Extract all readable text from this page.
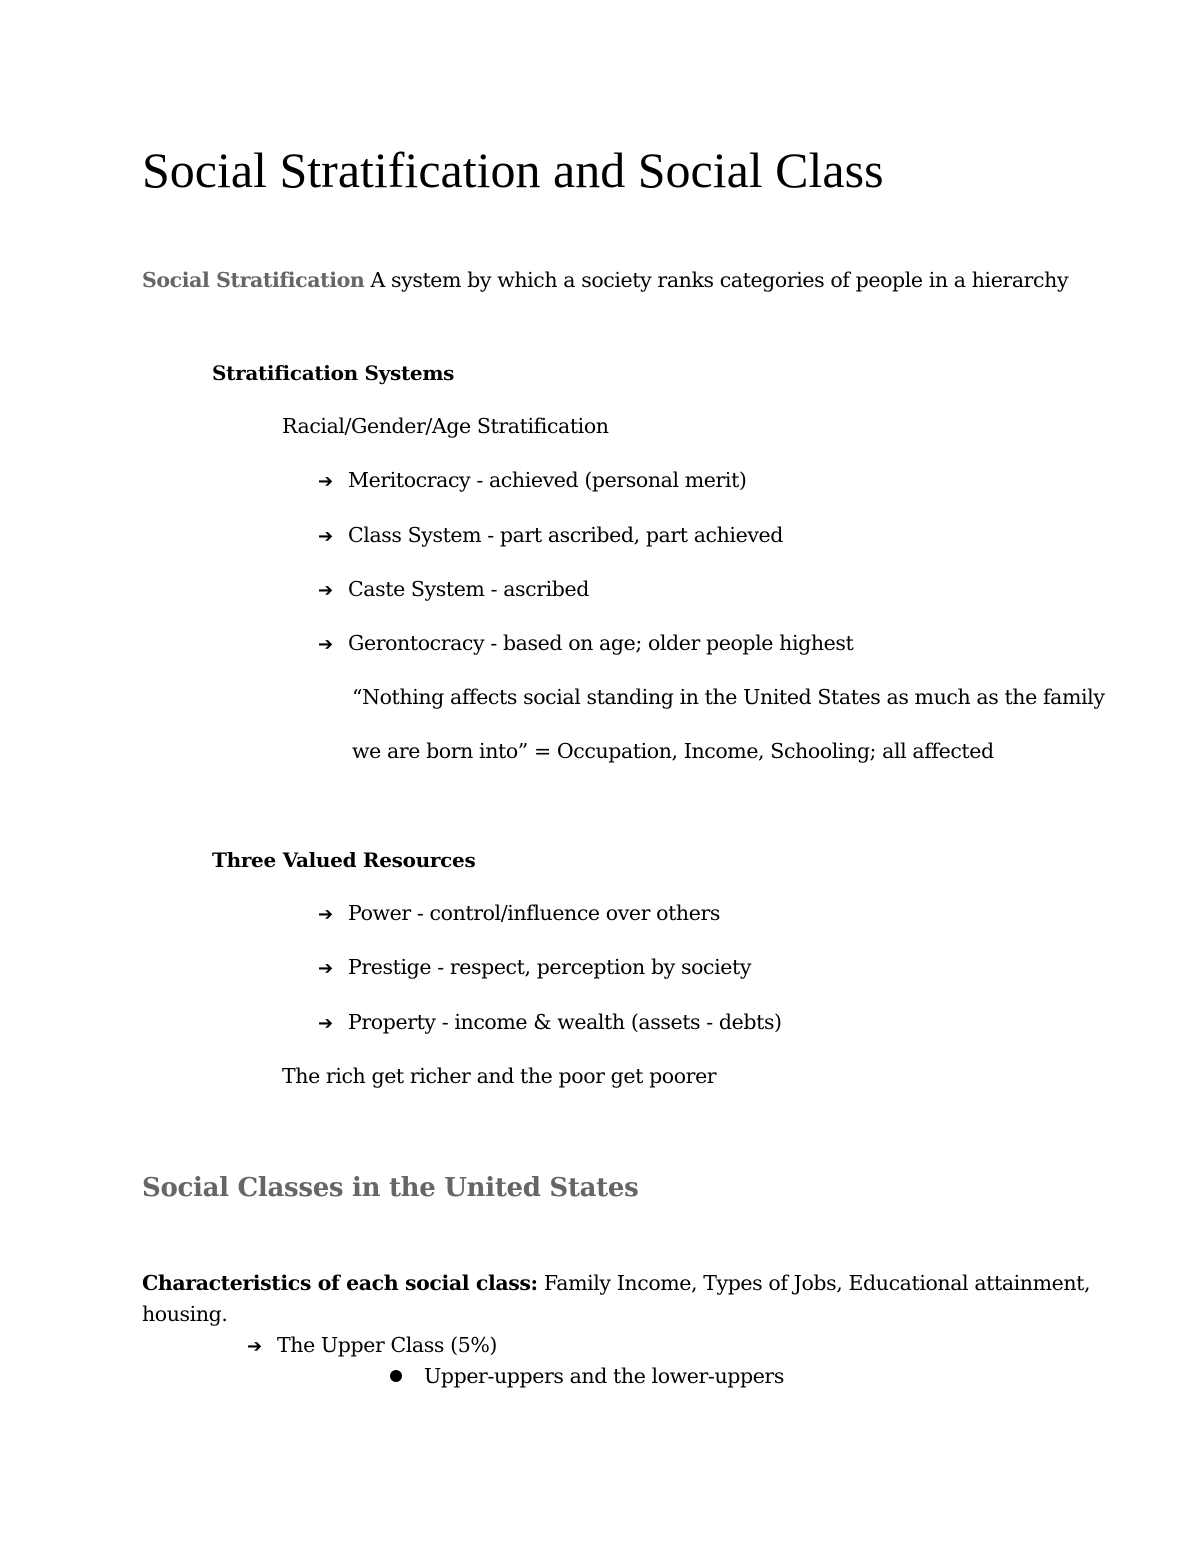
Social Stratification and Social Class
Social Stratification A system by which a society ranks categories of people in a hierarchy
Stratification Systems
Racial/Gender/Age Stratification
➔ Meritocracy - achieved (personal merit)
➔ Class System - part ascribed, part achieved
➔ Caste System - ascribed
➔ Gerontocracy - based on age; older people highest
“Nothing affects social standing in the United States as much as the family
we are born into” = Occupation, Income, Schooling; all affected
Three Valued Resources
➔ Power - control/influence over others
➔ Prestige - respect, perception by society
➔ Property - income & wealth (assets - debts)
The rich get richer and the poor get poorer
Social Classes in the United States
Characteristics of each social class: Family Income, Types of Jobs, Educational attainment,
housing.
➔ The Upper Class (5%)
Upper-uppers and the lower-uppers
